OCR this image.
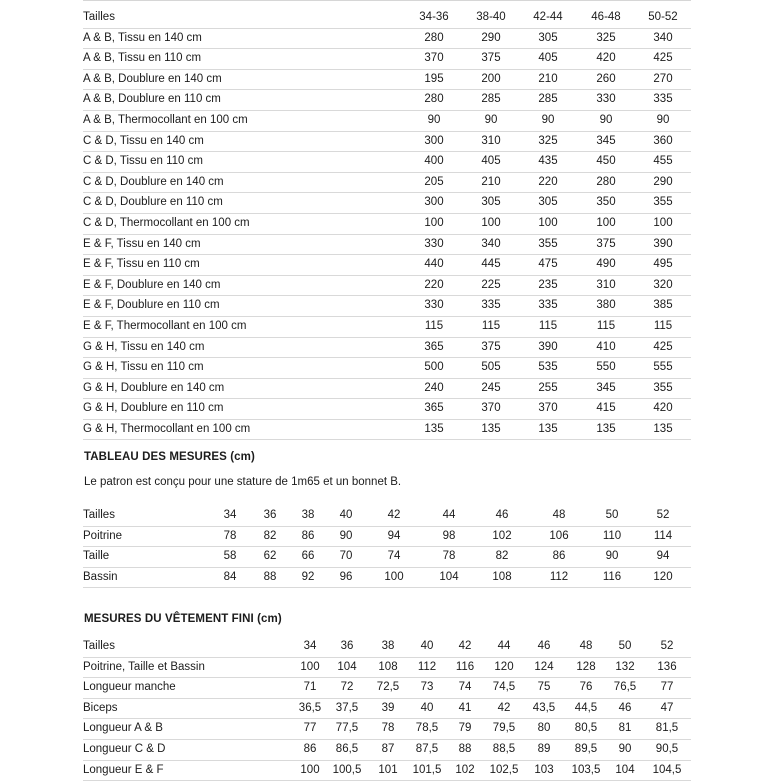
Tailles	34-36	38-40	42-44	46-48	50-52
A & B, Tissu en 140 cm	280	290	305	325	340
A & B, Tissu en 110 cm	370	375	405	420	425
A & B, Doublure en 140 cm	195	200	210	260	270
A & B, Doublure en 110 cm	280	285	285	330	335
A & B, Thermocollant en 100 cm	90	90	90	90	90
C & D, Tissu en 140 cm	300	310	325	345	360
C & D, Tissu en 110 cm	400	405	435	450	455
C & D, Doublure en 140 cm	205	210	220	280	290
C & D, Doublure en 110 cm	300	305	305	350	355
C & D, Thermocollant en 100 cm	100	100	100	100	100
E & F, Tissu en 140 cm	330	340	355	375	390
E & F, Tissu en 110 cm	440	445	475	490	495
E & F, Doublure en 140 cm	220	225	235	310	320
E & F, Doublure en 110 cm	330	335	335	380	385
E & F, Thermocollant en 100 cm	115	115	115	115	115
G & H, Tissu en 140 cm	365	375	390	410	425
G & H, Tissu en 110 cm	500	505	535	550	555
G & H, Doublure en 140 cm	240	245	255	345	355
G & H, Doublure en 110 cm	365	370	370	415	420
G & H, Thermocollant en 100 cm	135	135	135	135	135
TABLEAU DES MESURES (cm)
Le patron est conçu pour une stature de 1m65 et un bonnet B.
Tailles	34	36	38	40	42	44	46	48	50	52
Poitrine	78	82	86	90	94	98	102	106	110	114
Taille	58	62	66	70	74	78	82	86	90	94
Bassin	84	88	92	96	100	104	108	112	116	120
MESURES DU VÊTEMENT FINI (cm)
Tailles	34	36	38	40	42	44	46	48	50	52
Poitrine, Taille et Bassin	100	104	108	112	116	120	124	128	132	136
Longueur manche	71	72	72,5	73	74	74,5	75	76	76,5	77
Biceps	36,5	37,5	39	40	41	42	43,5	44,5	46	47
Longueur A & B	77	77,5	78	78,5	79	79,5	80	80,5	81	81,5
Longueur C & D	86	86,5	87	87,5	88	88,5	89	89,5	90	90,5
Longueur E & F	100	100,5	101	101,5	102	102,5	103	103,5	104	104,5
